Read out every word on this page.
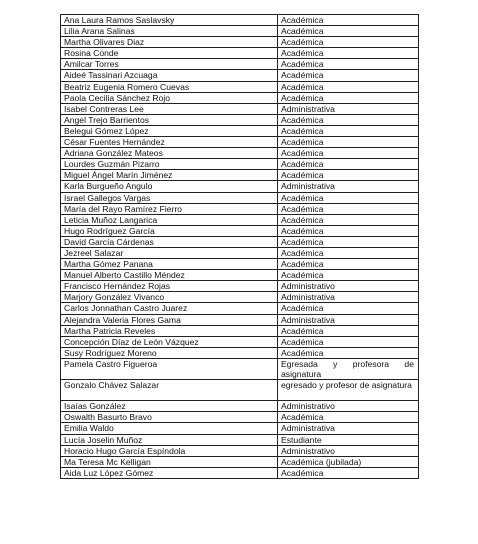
Ana Laura Ramos Saslavsky	Académica
Lilia Arana Salinas	Académica
Martha Olivares Diaz	Académica
Rosina Conde	Académica
Amilcar Torres	Académica
Aideé Tassinari Azcuaga	Académica
Beatriz Eugenia Romero Cuevas	Académica
Paola Cecilia Sánchez Rojo	Académica
Isabel Contreras Lee	Administrativa
Angel Trejo Barrientos	Académica
Belegui Gómez López	Académica
César Fuentes Hernández	Académica
Adriana González Mateos	Académica
Lourdes Guzmán Pizarro	Académica
Miguel Ángel Marín Jiménez	Académica
Karla Burgueño Angulo	Administrativa
Israel Gallegos Vargas	Académica
María del Rayo Ramírez Fierro	Académica
Leticia Muñoz Langarica	Académica
Hugo Rodríguez García	Académica
David García Cárdenas	Académica
Jezreel Salazar	Académica
Martha Gómez Panana	Académica
Manuel Alberto Castillo Méndez	Académica
Francisco Hernández Rojas	Administrativo
Marjory González Vivanco	Administrativa
Carlos Jonnathan Castro Juarez	Académica
Alejandra Valeria Flores Gama	Administrativa
Martha Patricia Reveles	Académica
Concepción Díaz de León Vázquez	Académica
Susy Rodríguez Moreno	Académica
Pamela Castro Figueroa	Egresada y profesora de asignatura
Gonzalo Chávez Salazar	egresado y profesor de asignatura
Isaías González	Administrativo
Oswalth Basurto Bravo	Académica
Emilia Waldo	Administrativa
Lucía Joselin Muñoz	Estudiante
Horacio Hugo García Espíndola	Administrativo
Ma Teresa Mc Kelligan	Académica (jubilada)
Aida Luz López Gómez	Académica
